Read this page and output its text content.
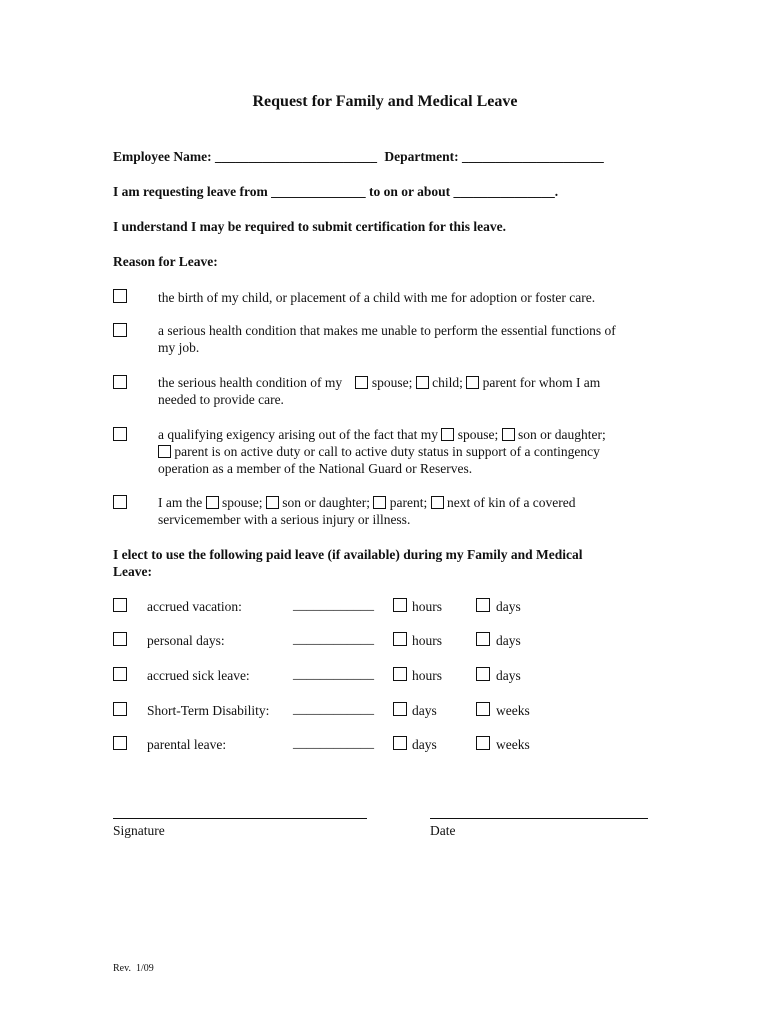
Request for Family and Medical Leave
Employee Name: ________________________ Department: _____________________
I am requesting leave from ______________ to on or about _______________.
I understand I may be required to submit certification for this leave.
Reason for Leave:
the birth of my child, or placement of a child with me for adoption or foster care.
a serious health condition that makes me unable to perform the essential functions of
my job.
the serious health condition of my spouse; child; parent for whom I am
needed to provide care.
a qualifying exigency arising out of the fact that my spouse; son or daughter;
parent is on active duty or call to active duty status in support of a contingency
operation as a member of the National Guard or Reserves.
I am the spouse; son or daughter; parent; next of kin of a covered
servicemember with a serious injury or illness.
I elect to use the following paid leave (if available) during my Family and Medical
Leave:
accrued vacation:	____________	hours	days
personal days:	____________	hours	days
accrued sick leave:	____________	hours	days
Short-Term Disability: ____________	days	weeks
parental leave:	____________	days	weeks
Signature	Date
Rev.  1/09
